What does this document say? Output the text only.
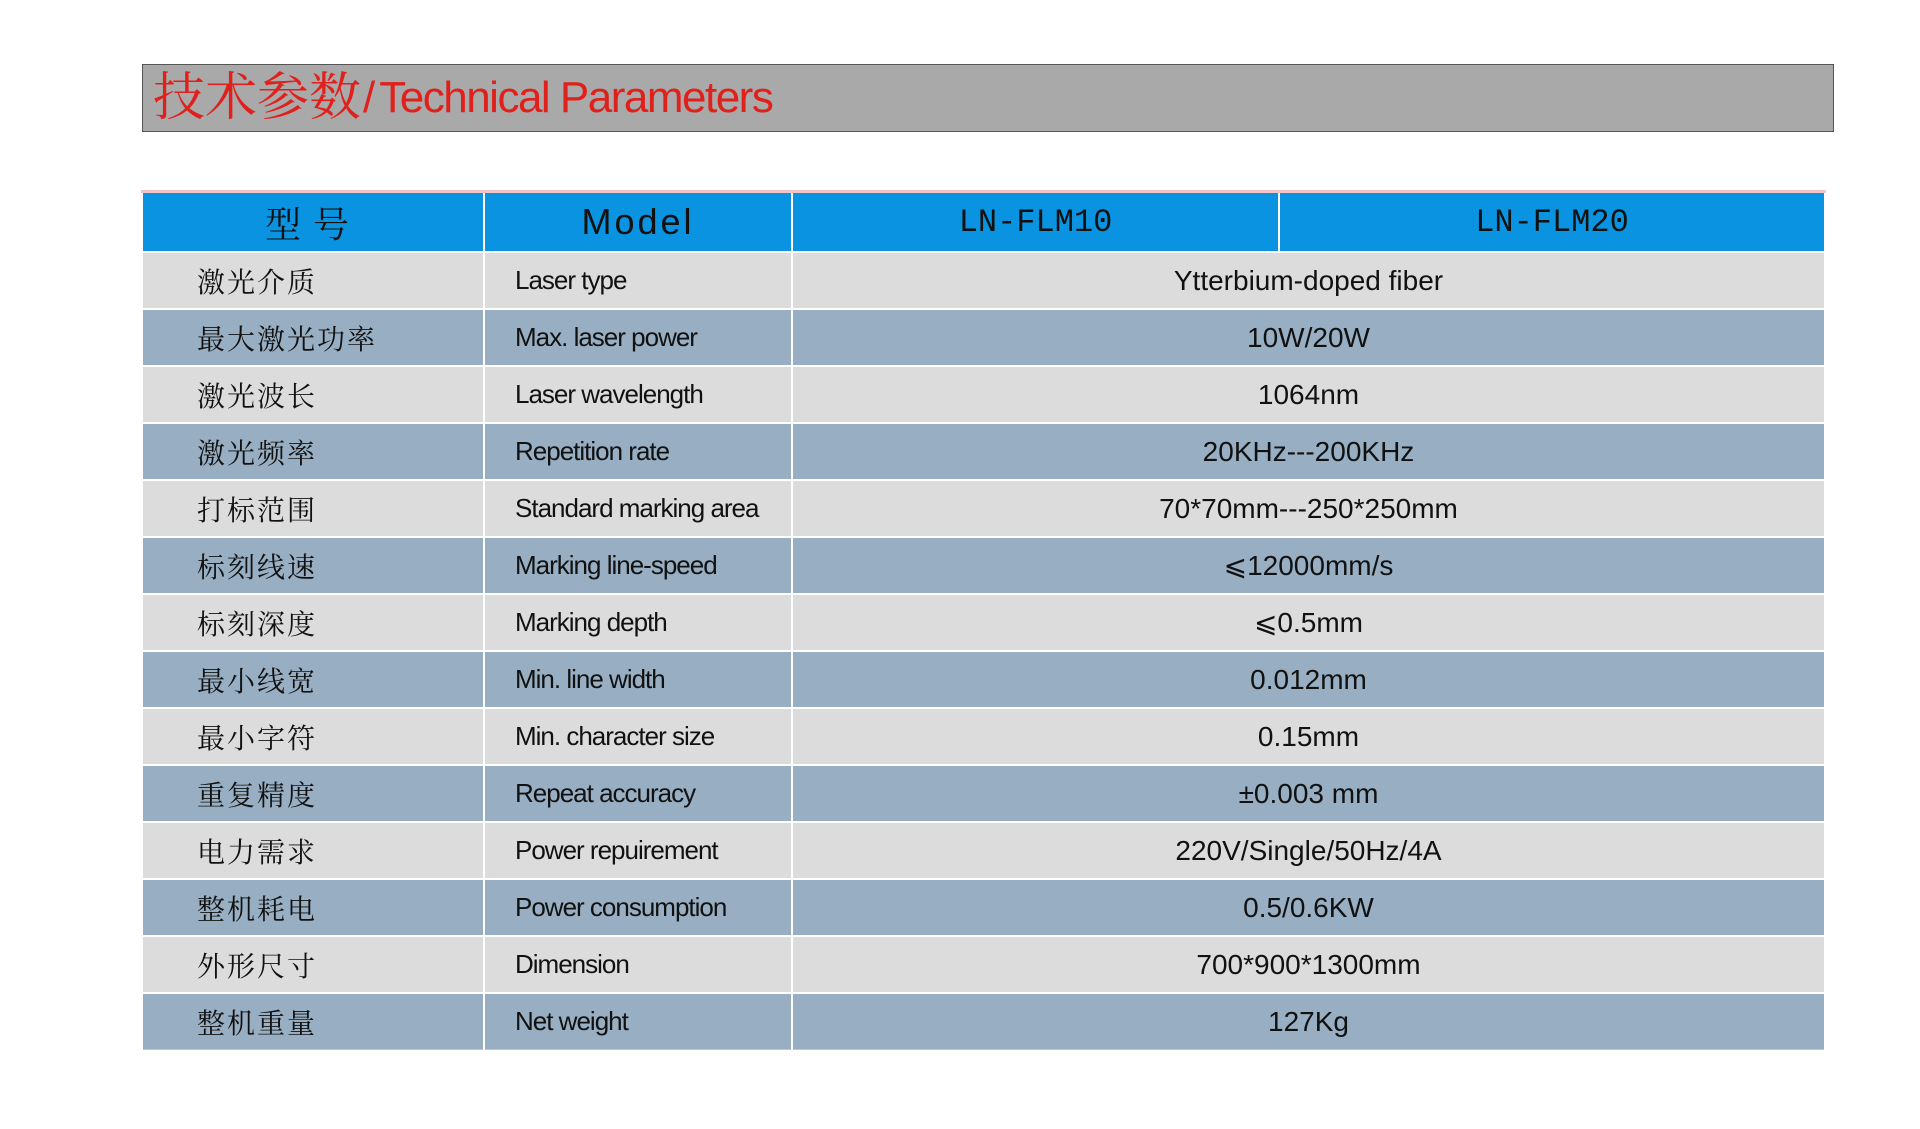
技术参数 / Technical Parameters
型号	Model	LN-FLM10	LN-FLM20
激光介质	Laser type	Ytterbium-doped fiber	
最大激光功率	Max. laser power	10W/20W	
激光波长	Laser wavelength	1064nm	
激光频率	Repetition rate	20KHz---200KHz	
打标范围	Standard marking area	70*70mm---250*250mm	
标刻线速	Marking line-speed	⩽12000mm/s	
标刻深度	Marking depth	⩽0.5mm	
最小线宽	Min. line width	0.012mm	
最小字符	Min. character size	0.15mm	
重复精度	Repeat accuracy	±0.003 mm	
电力需求	Power repuirement	220V/Single/50Hz/4A	
整机耗电	Power consumption	0.5/0.6KW	
外形尺寸	Dimension	700*900*1300mm	
整机重量	Net weight	127Kg	
